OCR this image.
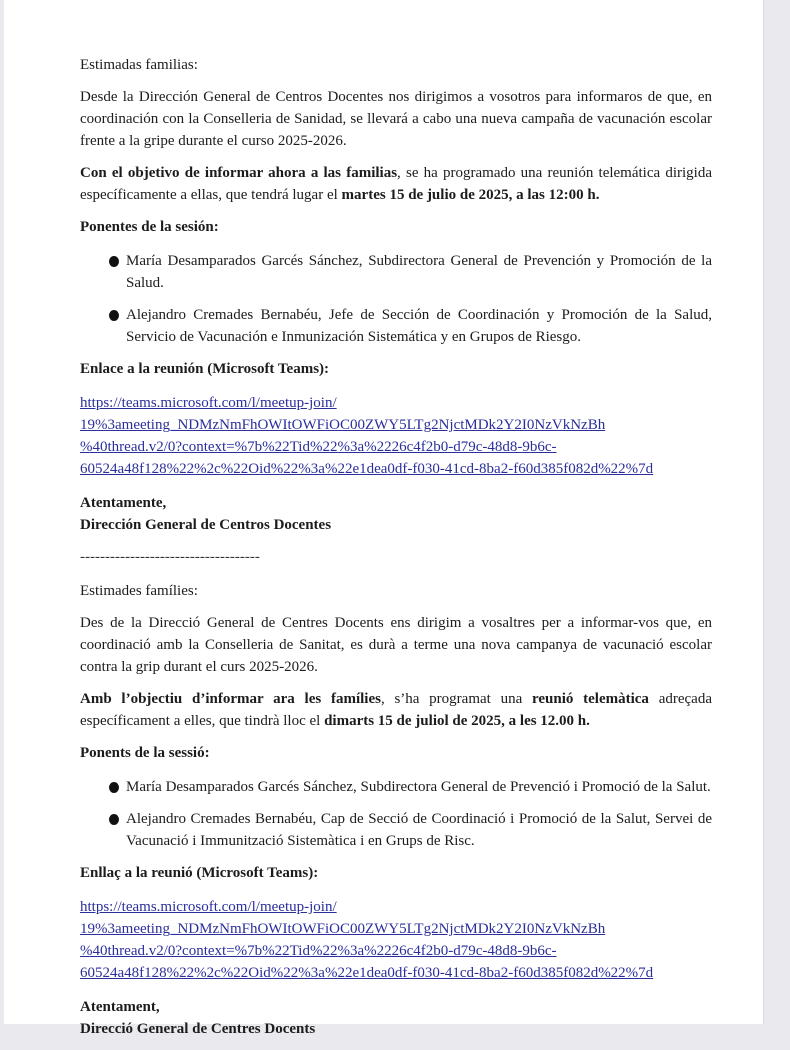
Estimadas familias:

Desde la Dirección General de Centros Docentes nos dirigimos a vosotros para informaros de que, en coordinación con la Conselleria de Sanidad, se llevará a cabo una nueva campaña de vacunación escolar frente a la gripe durante el curso 2025-2026.

Con el objetivo de informar ahora a las familias, se ha programado una reunión telemática dirigida específicamente a ellas, que tendrá lugar el martes 15 de julio de 2025, a las 12:00 h.

Ponentes de la sesión:

María Desamparados Garcés Sánchez, Subdirectora General de Prevención y Promoción de la Salud.
Alejandro Cremades Bernabéu, Jefe de Sección de Coordinación y Promoción de la Salud, Servicio de Vacunación e Inmunización Sistemática y en Grupos de Riesgo.

Enlace a la reunión (Microsoft Teams):

https://teams.microsoft.com/l/meetup-join/
19%3ameeting_NDMzNmFhOWItOWFiOC00ZWY5LTg2NjctMDk2Y2I0NzVkNzBh
%40thread.v2/0?context=%7b%22Tid%22%3a%2226c4f2b0-d79c-48d8-9b6c-
60524a48f128%22%2c%22Oid%22%3a%22e1dea0df-f030-41cd-8ba2-f60d385f082d%22%7d
Atentamente,
Dirección General de Centros Docentes
------------------------------------

Estimades famílies:

Des de la Direcció General de Centres Docents ens dirigim a vosaltres per a informar-vos que, en coordinació amb la Conselleria de Sanitat, es durà a terme una nova campanya de vacunació escolar contra la grip durant el curs 2025-2026.

Amb l’objectiu d’informar ara les famílies, s’ha programat una reunió telemàtica adreçada específicament a elles, que tindrà lloc el dimarts 15 de juliol de 2025, a les 12.00 h.

Ponents de la sessió:

María Desamparados Garcés Sánchez, Subdirectora General de Prevenció i Promoció de la Salut.
Alejandro Cremades Bernabéu, Cap de Secció de Coordinació i Promoció de la Salut, Servei de Vacunació i Immunització Sistemàtica i en Grups de Risc.

Enllaç a la reunió (Microsoft Teams):

https://teams.microsoft.com/l/meetup-join/
19%3ameeting_NDMzNmFhOWItOWFiOC00ZWY5LTg2NjctMDk2Y2I0NzVkNzBh
%40thread.v2/0?context=%7b%22Tid%22%3a%2226c4f2b0-d79c-48d8-9b6c-
60524a48f128%22%2c%22Oid%22%3a%22e1dea0df-f030-41cd-8ba2-f60d385f082d%22%7d
Atentament,
Direcció General de Centres Docents
